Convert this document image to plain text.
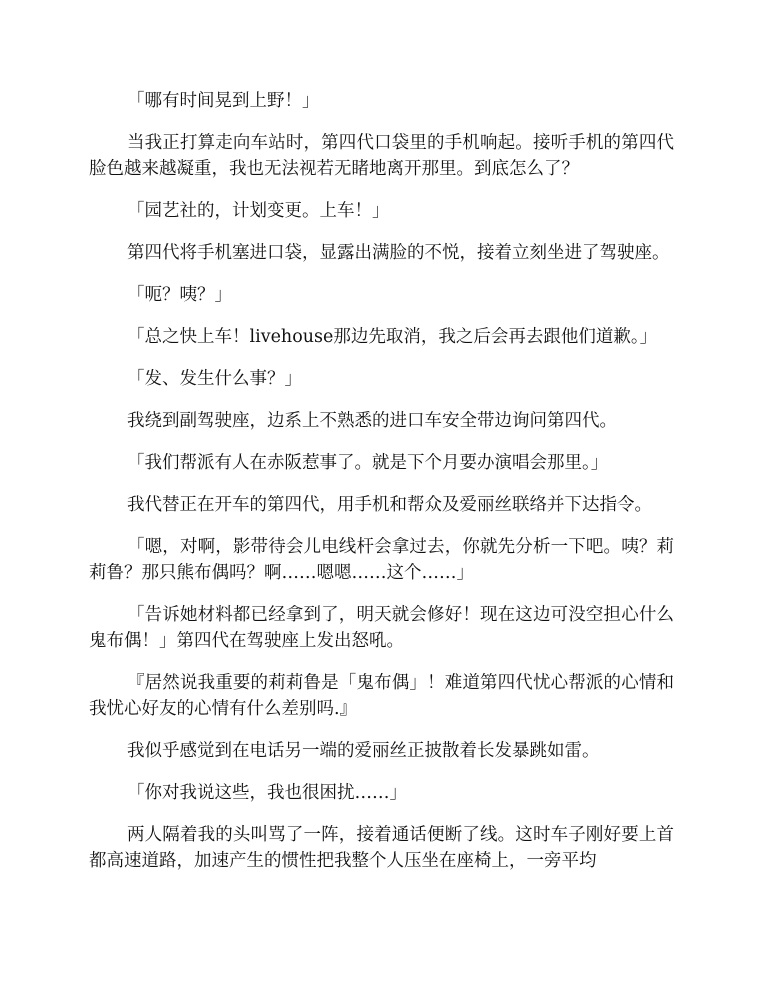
「哪有时间晃到上野！」

当我正打算走向车站时，第四代口袋里的手机响起。接听手机的第四代脸色越来越凝重，我也无法视若无睹地离开那里。到底怎么了？

「园艺社的，计划变更。上车！」

第四代将手机塞进口袋，显露出满脸的不悦，接着立刻坐进了驾驶座。

「呃？咦？」

「总之快上车！livehouse那边先取消，我之后会再去跟他们道歉。」

「发、发生什么事？」

我绕到副驾驶座，边系上不熟悉的进口车安全带边询问第四代。

「我们帮派有人在赤阪惹事了。就是下个月要办演唱会那里。」

我代替正在开车的第四代，用手机和帮众及爱丽丝联络并下达指令。

「嗯，对啊，影带待会儿电线杆会拿过去，你就先分析一下吧。咦？莉莉鲁？那只熊布偶吗？啊……嗯嗯……这个……」

「告诉她材料都已经拿到了，明天就会修好！现在这边可没空担心什么鬼布偶！」第四代在驾驶座上发出怒吼。

『居然说我重要的莉莉鲁是「鬼布偶」！难道第四代忧心帮派的心情和我忧心好友的心情有什么差别吗.』

我似乎感觉到在电话另一端的爱丽丝正披散着长发暴跳如雷。

「你对我说这些，我也很困扰……」

两人隔着我的头叫骂了一阵，接着通话便断了线。这时车子刚好要上首都高速道路，加速产生的惯性把我整个人压坐在座椅上，一旁平均
